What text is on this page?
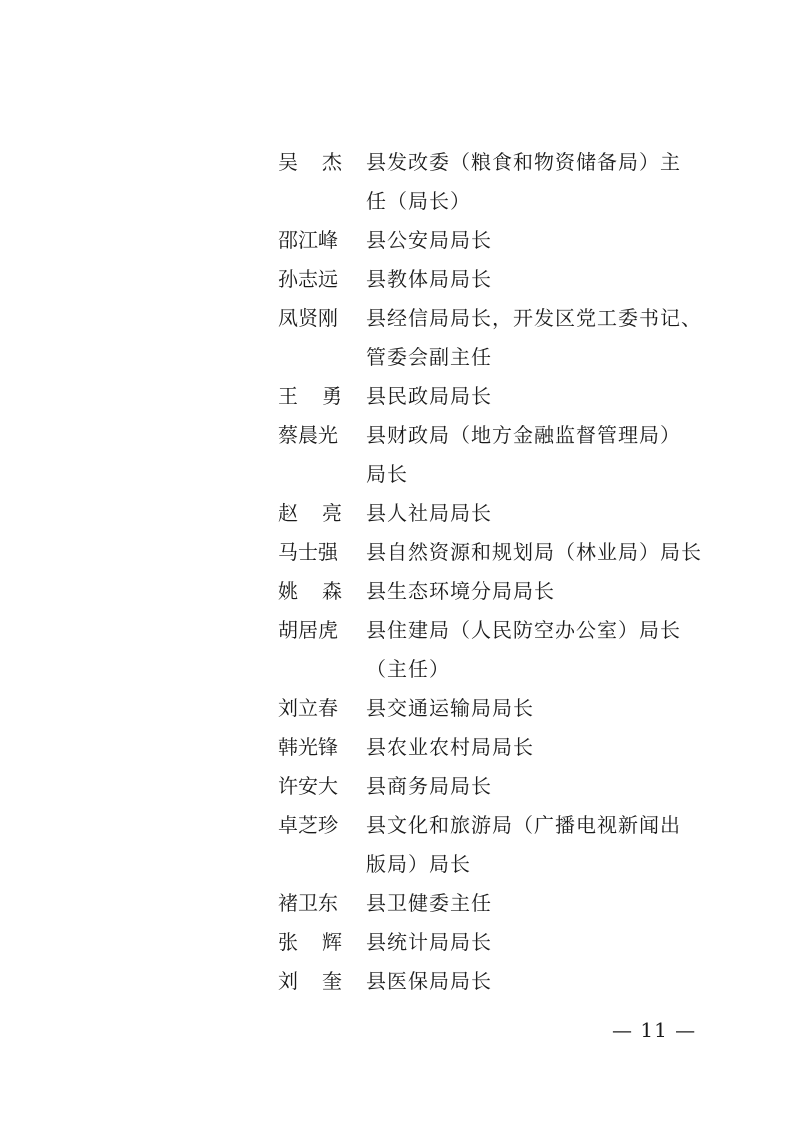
吴 杰 县发改委（粮食和物资储备局）主
任（局长）
邵江峰 县公安局局长
孙志远 县教体局局长
凤贤刚 县经信局局长，开发区党工委书记、
管委会副主任
王 勇 县民政局局长
蔡晨光 县财政局（地方金融监督管理局）
局长
赵 亮 县人社局局长
马士强 县自然资源和规划局（林业局）局长
姚 森 县生态环境分局局长
胡居虎 县住建局（人民防空办公室）局长
（主任）
刘立春 县交通运输局局长
韩光锋 县农业农村局局长
许安大 县商务局局长
卓芝珍 县文化和旅游局（广播电视新闻出
版局）局长
褚卫东 县卫健委主任
张 辉 县统计局局长
刘 奎 县医保局局长
— 11 —
